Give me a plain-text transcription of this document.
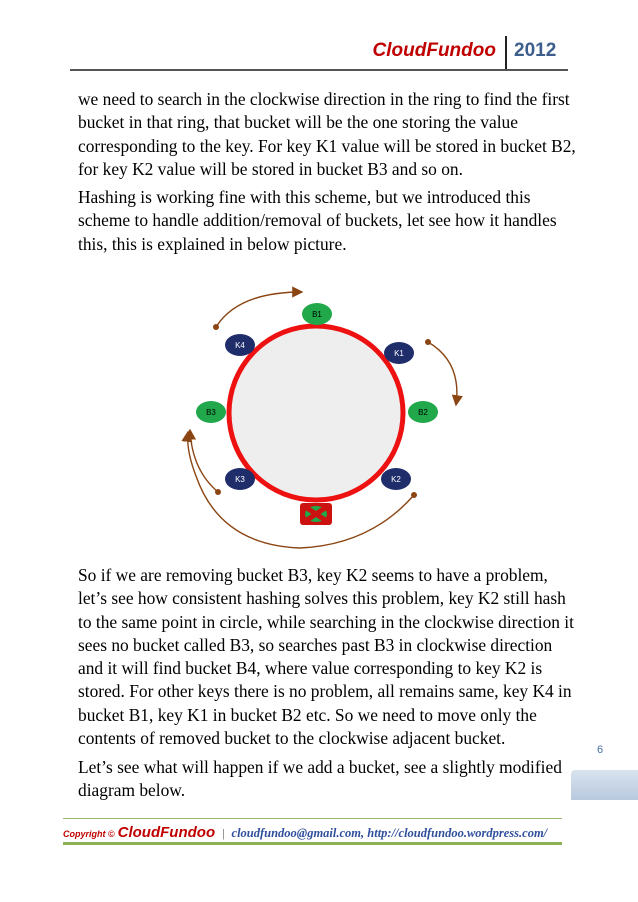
CloudFundoo 2012

we need to search in the clockwise direction in the ring to find the first bucket in that ring, that bucket will be the one storing the value corresponding to the key. For key K1 value will be stored in bucket B2, for key K2 value will be stored in bucket B3 and so on.

Hashing is working fine with this scheme, but we introduced this scheme to handle addition/removal of buckets, let see how it handles this, this is explained in below picture.

B1
K4
K1
B3	B2
K3	K2

So if we are removing bucket B3, key K2 seems to have a problem, let’s see how consistent hashing solves this problem, key K2 still hash to the same point in circle, while searching in the clockwise direction it sees no bucket called B3, so searches past B3 in clockwise direction and it will find bucket B4, where value corresponding to key K2 is stored. For other keys there is no problem, all remains same, key K4 in bucket B1, key K1 in bucket B2 etc. So we need to move only the contents of removed bucket to the clockwise adjacent bucket.

Let’s see what will happen if we add a bucket, see a slightly modified diagram below.

6
Copyright © CloudFundoo | cloudfundoo@gmail.com, http://cloudfundoo.wordpress.com/
